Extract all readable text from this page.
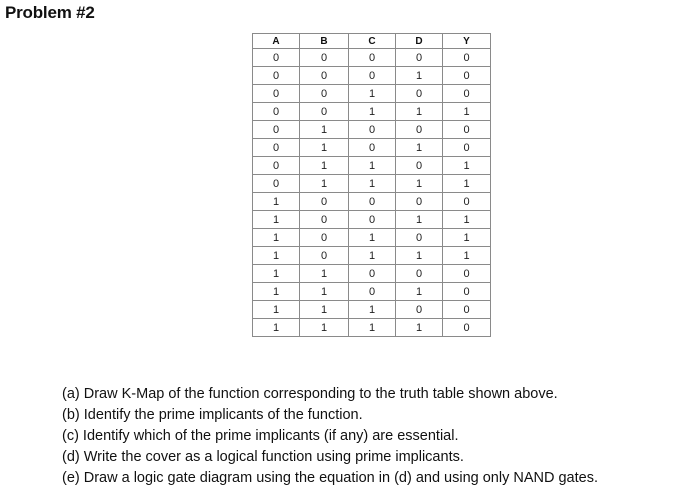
Problem #2
A	B	C	D	Y
0	0	0	0	0
0	0	0	1	0
0	0	1	0	0
0	0	1	1	1
0	1	0	0	0
0	1	0	1	0
0	1	1	0	1
0	1	1	1	1
1	0	0	0	0
1	0	0	1	1
1	0	1	0	1
1	0	1	1	1
1	1	0	0	0
1	1	0	1	0
1	1	1	0	0
1	1	1	1	0
(a) Draw K-Map of the function corresponding to the truth table shown above.
(b) Identify the prime implicants of the function.
(c) Identify which of the prime implicants (if any) are essential.
(d) Write the cover as a logical function using prime implicants.
(e) Draw a logic gate diagram using the equation in (d) and using only NAND gates.
